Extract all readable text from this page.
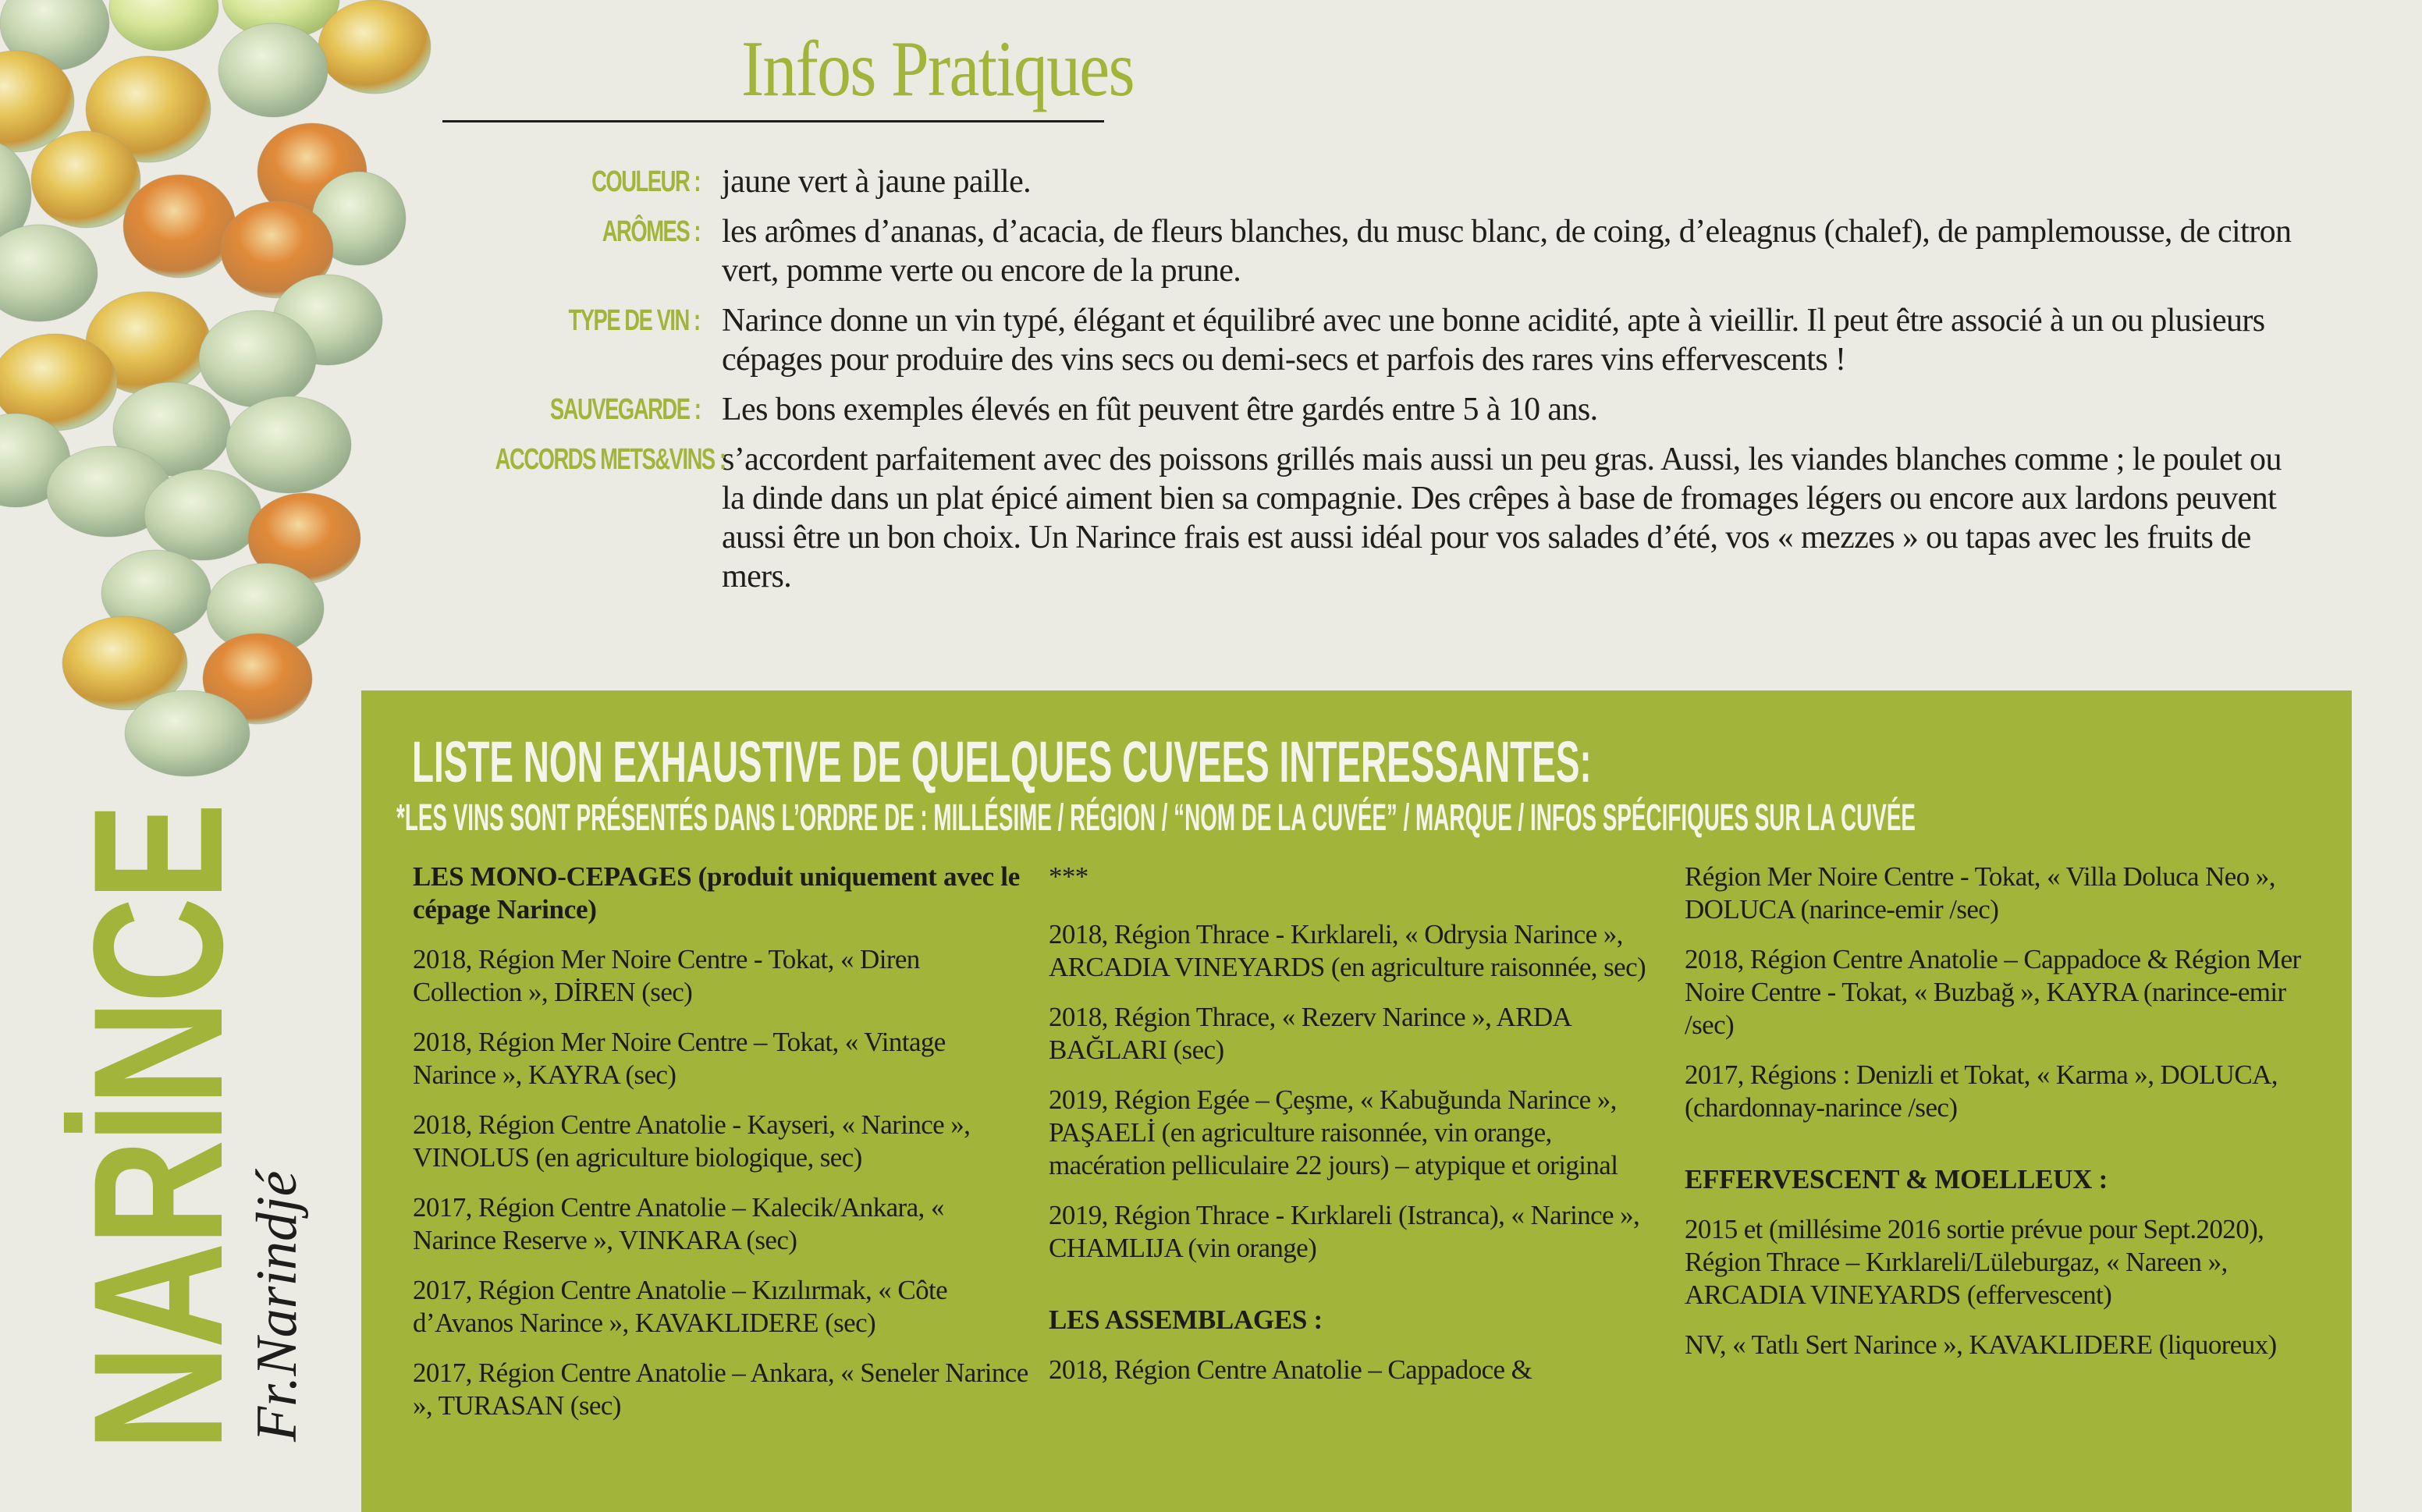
Infos Pratiques
COULEUR : jaune vert à jaune paille.
ARÔMES : les arômes d’ananas, d’acacia, de fleurs blanches, du musc blanc, de coing, d’eleagnus (chalef), de pamplemousse, de citron vert, pomme verte ou encore de la prune.
TYPE DE VIN : Narince donne un vin typé, élégant et équilibré avec une bonne acidité, apte à vieillir. Il peut être associé à un ou plusieurs cépages pour produire des vins secs ou demi-secs et parfois des rares vins effervescents !
SAUVEGARDE : Les bons exemples élevés en fût peuvent être gardés entre 5 à 10 ans.
ACCORDS METS&VINS :
s’accordent parfaitement avec des poissons grillés mais aussi un peu gras. Aussi, les viandes blanches comme ; le poulet ou la dinde dans un plat épicé aiment bien sa compagnie. Des crêpes à base de fromages légers ou encore aux lardons peuvent aussi être un bon choix. Un Narince frais est aussi idéal pour vos salades d’été, vos « mezzes » ou tapas avec les fruits de mers.
LISTE NON EXHAUSTIVE DE QUELQUES CUVEES INTERESSANTES:
*LES VINS SONT PRÉSENTÉS DANS L’ORDRE DE : MILLÉSIME / RÉGION / “NOM DE LA CUVÉE” / MARQUE / INFOS SPÉCIFIQUES SUR LA CUVÉE

LES MONO-CEPAGES (produit uniquement avec le cépage Narince)

2018, Région Mer Noire Centre - Tokat, « Diren Collection », DİREN (sec)

2018, Région Mer Noire Centre – Tokat, « Vintage Narince », KAYRA (sec)

2018, Région Centre Anatolie - Kayseri, « Narince », VINOLUS (en agriculture biologique, sec)

2017, Région Centre Anatolie – Kalecik/Ankara, « Narince Reserve », VINKARA (sec)

2017, Région Centre Anatolie – Kızılırmak, « Côte d’Avanos Narince », KAVAKLIDERE (sec)

2017, Région Centre Anatolie – Ankara, « Seneler Narince », TURASAN (sec)

***

2018, Région Thrace - Kırklareli, « Odrysia Narince », ARCADIA VINEYARDS (en agriculture raisonnée, sec)

2018, Région Thrace, « Rezerv Narince », ARDA BAĞLARI (sec)

2019, Région Egée – Çeşme, « Kabuğunda Narince », PAŞAELİ (en agriculture raisonnée, vin orange, macération pelliculaire 22 jours) – atypique et original

2019, Région Thrace - Kırklareli (Istranca), « Narince », CHAMLIJA (vin orange)

LES ASSEMBLAGES :

2018, Région Centre Anatolie – Cappadoce &

Région Mer Noire Centre - Tokat, « Villa Doluca Neo », DOLUCA (narince-emir /sec)

2018, Région Centre Anatolie – Cappadoce & Région Mer Noire Centre - Tokat, « Buzbağ », KAYRA (narince-emir /sec)

2017, Régions : Denizli et Tokat, « Karma », DOLUCA, (chardonnay-narince /sec)

EFFERVESCENT & MOELLEUX :

2015 et (millésime 2016 sortie prévue pour Sept.2020), Région Thrace – Kırklareli/Lüleburgaz, « Nareen », ARCADIA VINEYARDS (effervescent)

NV, « Tatlı Sert Narince », KAVAKLIDERE (liquoreux)

NARİNCE
Fr.Narindjé
